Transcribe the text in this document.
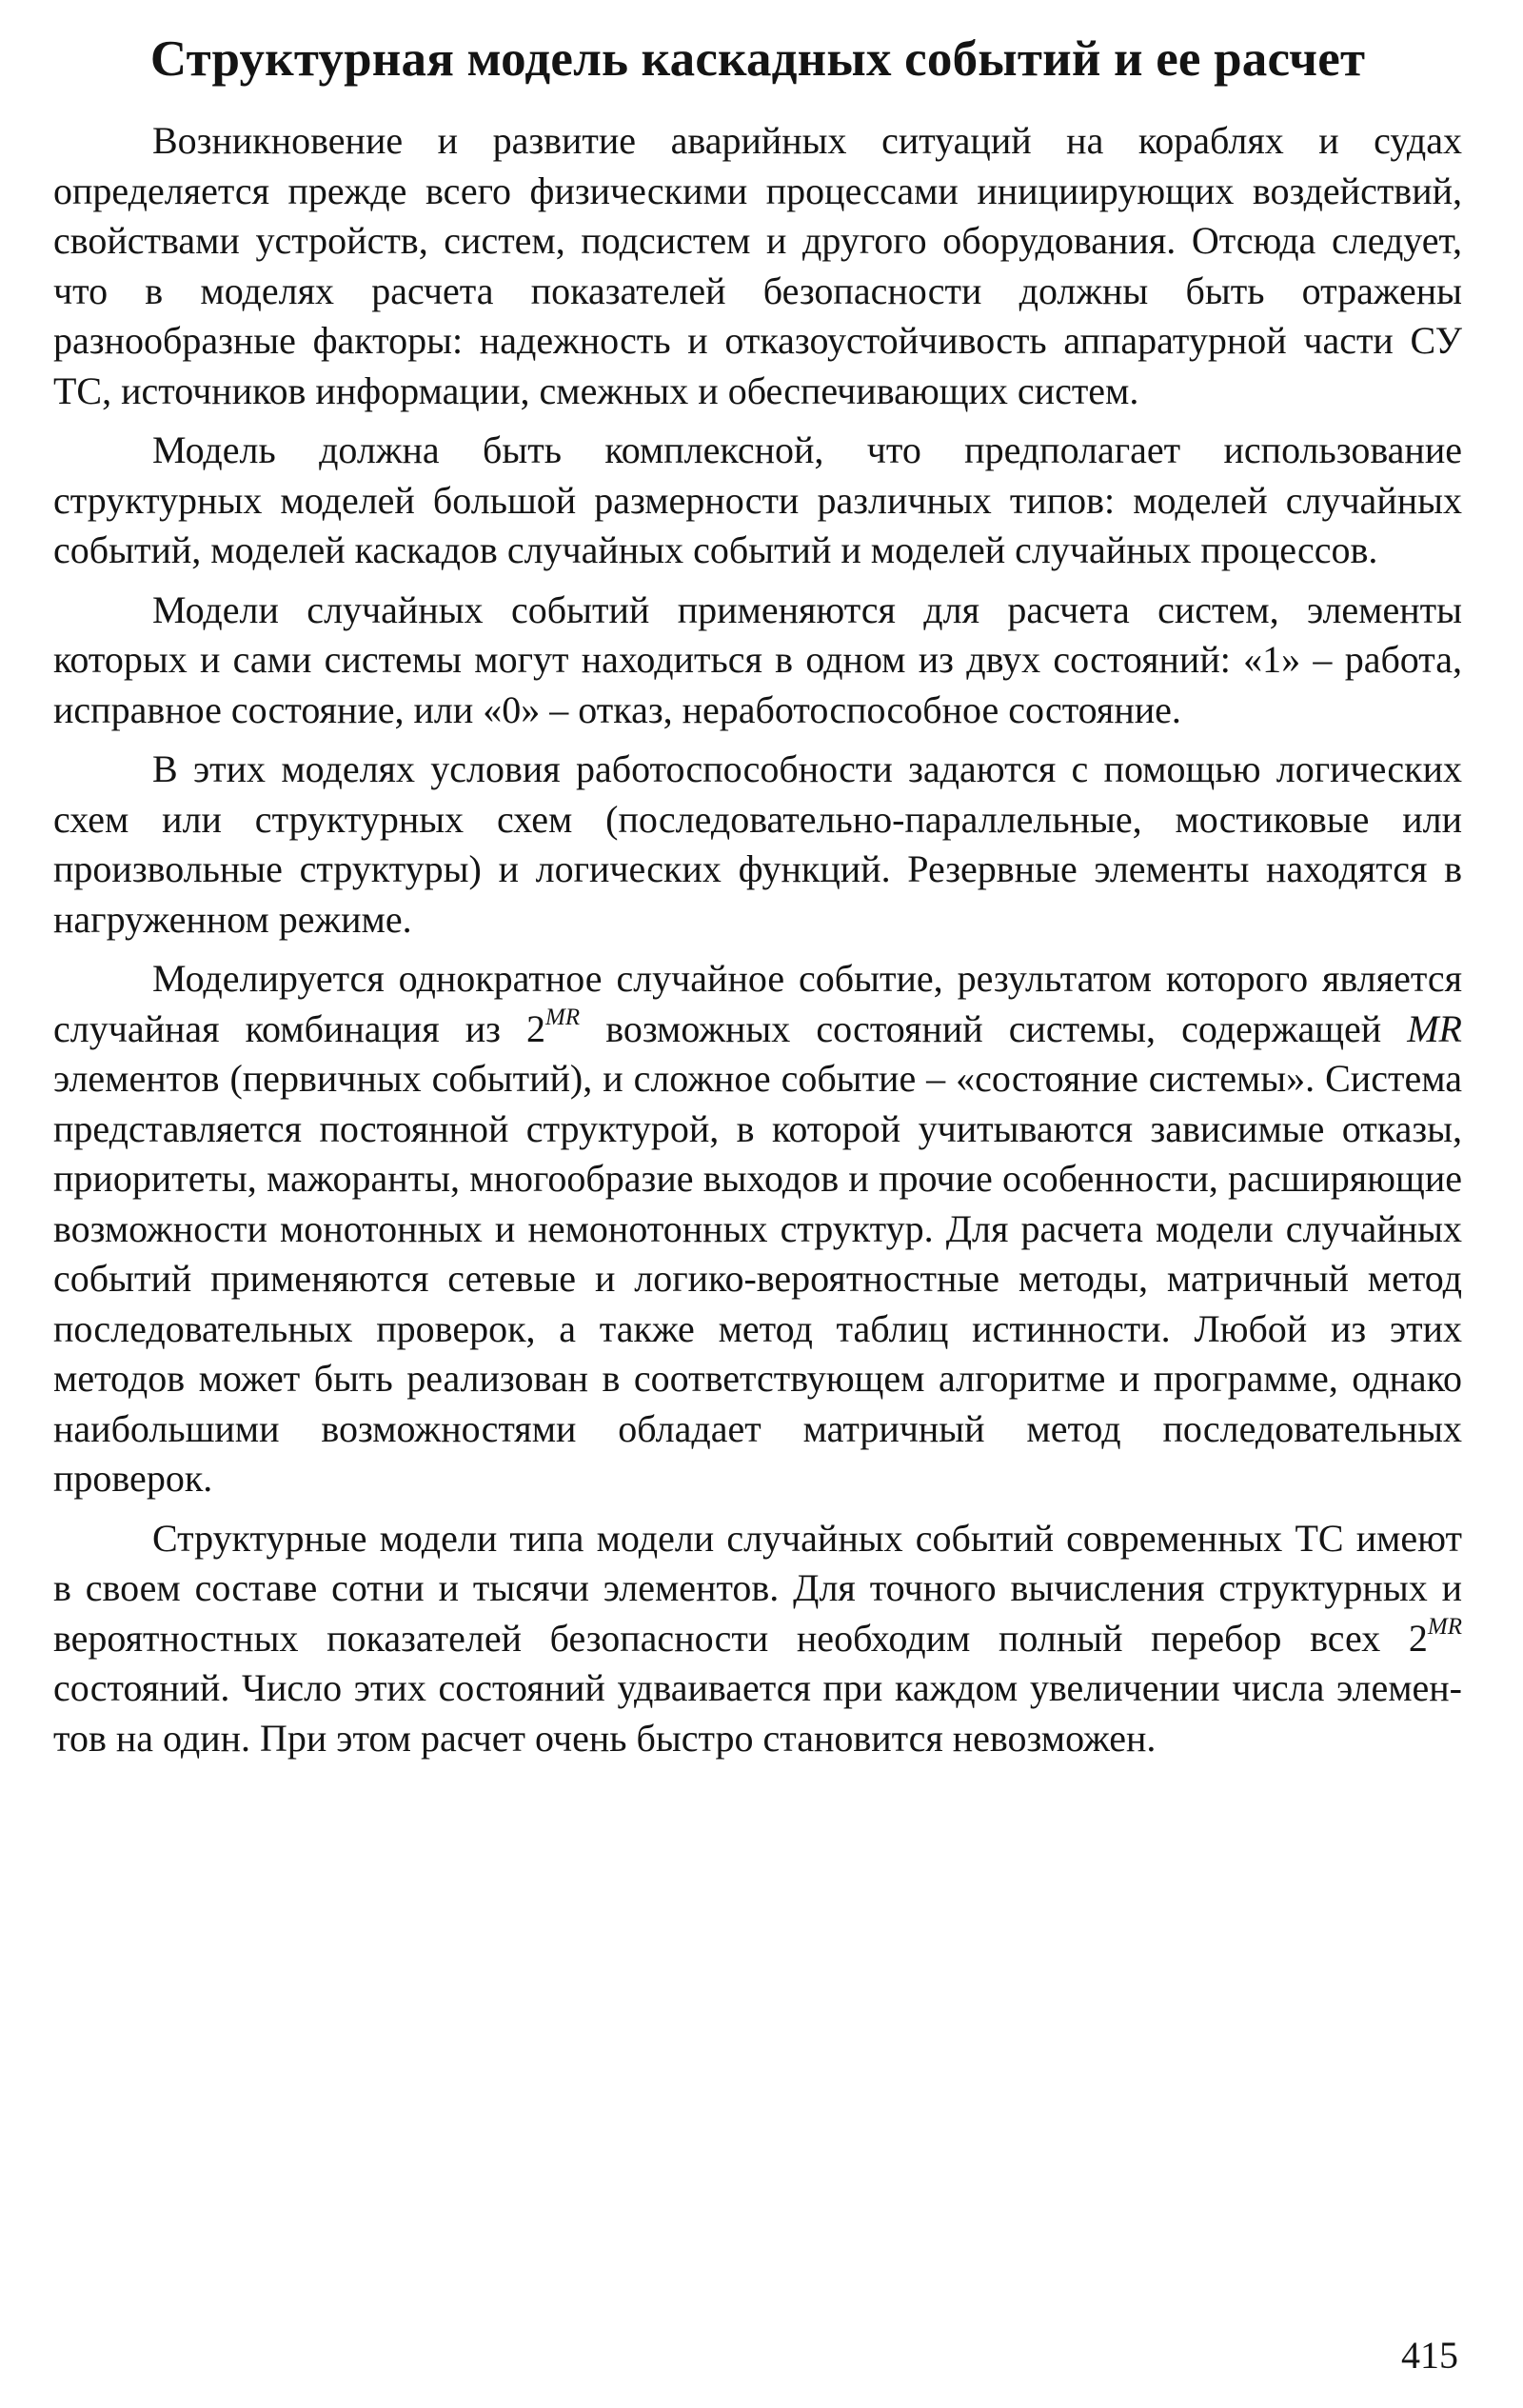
Структурная модель каскадных событий и ее расчет

Возникновение и развитие аварийных ситуаций на кораблях и судах определяется прежде всего физическими процессами инициирующих воздействий, свойствами устройств, систем, подсистем и другого оборудования. Отсюда следует, что в моделях расчета показателей безопасности должны быть отражены разнообразные факторы: надежность и отказоустойчивость аппаратурной части СУ ТС, источников информации, смежных и обеспечивающих систем.

Модель должна быть комплексной, что предполагает использование структурных моделей большой размерности различных типов: моделей случайных событий, моделей каскадов случайных событий и моделей случайных процессов.

Модели случайных событий применяются для расчета систем, элементы которых и сами системы могут находиться в одном из двух состояний: «1» – работа, исправное состояние, или «0» – отказ, неработоспособное состояние.

В этих моделях условия работоспособности задаются с помощью логических схем или структурных схем (последовательно-параллельные, мостиковые или произвольные структуры) и логических функций. Резервные элементы находятся в нагруженном режиме.

Моделируется однократное случайное событие, результатом которого является случайная комбинация из $2^{MR}$ возможных состояний системы, содержащей MR элементов (первичных событий), и сложное событие – «состояние системы». Система представляется постоянной структурой, в которой учитываются зависимые отказы, приоритеты, мажоранты, многообразие выходов и прочие особенности, расширяющие возможности монотонных и немонотонных структур. Для расчета модели случайных событий применяются сетевые и логико-вероятностные методы, матричный метод последовательных проверок, а также метод таблиц истинности. Любой из этих методов может быть реализован в соответствующем алгоритме и программе, однако наибольшими возможностями обладает матричный метод последовательных проверок.

Структурные модели типа модели случайных событий современных ТС имеют в своем составе сотни и тысячи элементов. Для точного вычисления структурных и вероятностных показателей безопасности необходим полный перебор всех $2^{MR}$ состояний. Число этих состояний удваивается при каждом увеличении числа элементов на один. При этом расчет очень быстро становится невозможен.

415
